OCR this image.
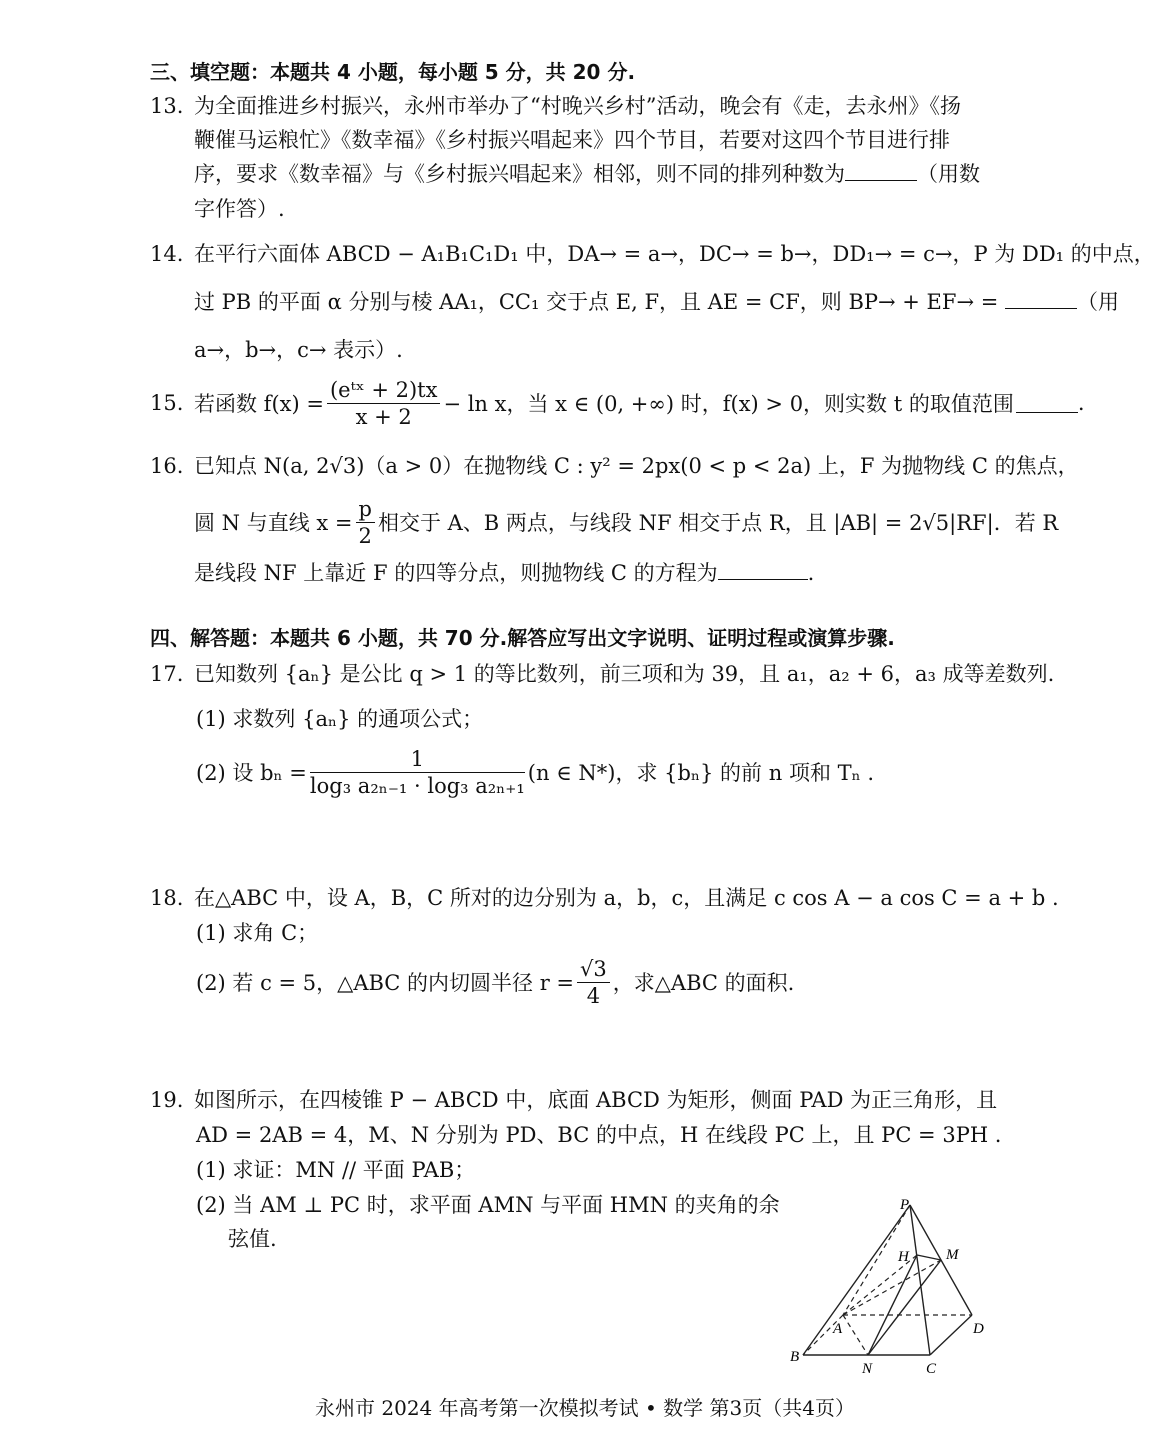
三、填空题：本题共 4 小题，每小题 5 分，共 20 分.
13. 为全面推进乡村振兴，永州市举办了“村晚兴乡村”活动，晚会有《走，去永州》《扬
鞭催马运粮忙》《数幸福》《乡村振兴唱起来》四个节目，若要对这四个节目进行排
序，要求《数幸福》与《乡村振兴唱起来》相邻，则不同的排列种数为	（用数
字作答）.
14. 在平行六面体 ABCD − A₁B₁C₁D₁ 中，DA→ = a→，DC→ = b→，DD₁→ = c→，P 为 DD₁ 的中点，
过 PB 的平面 α 分别与棱 AA₁，CC₁ 交于点 E, F，且 AE = CF，则 BP→ + EF→ =	（用
a→，b→，c→ 表示）.
15. 若函数 $f(x) = \frac{\text{(eᵗˣ + 2)tx}}{x + 2} - \ln x$，当 x ∈ (0, +∞) 时，f(x) > 0，则实数 t 的取值范围	.
16. 已知点 N(a, 2√3)（a > 0）在抛物线 C : y² = 2px(0 < p < 2a) 上，F 为抛物线 C 的焦点，
圆 N 与直线 $x = \frac{p}{2}$ 相交于 A、B 两点，与线段 NF 相交于点 R，且 |AB| = 2√5|RF|．若 R
是线段 NF 上靠近 F 的四等分点，则抛物线 C 的方程为	.
四、解答题：本题共 6 小题，共 70 分.解答应写出文字说明、证明过程或演算步骤.
17. 已知数列 {aₙ} 是公比 q > 1 的等比数列，前三项和为 39，且 a₁，a₂ + 6，a₃ 成等差数列.
(1) 求数列 {aₙ} 的通项公式；
(2) 设 $b_n = \frac{1}{\text{log₃ a₂ₙ₋₁ · log₃ a₂ₙ₊₁}} (n$ ∈ N*)，求 {bₙ} 的前 n 项和 Tₙ .
18. 在△ABC 中，设 A，B，C 所对的边分别为 a，b，c，且满足 c cos A − a cos C = a + b .
(1) 求角 C；
(2) 若 c = 5，△ABC 的内切圆半径 $r = \frac{√3}{4}$ ，求△ABC 的面积.
19. 如图所示，在四棱锥 P − ABCD 中，底面 ABCD 为矩形，侧面 PAD 为正三角形，且
AD = 2AB = 4，M、N 分别为 PD、BC 的中点，H 在线段 PC 上，且 PC = 3PH .
(1) 求证：MN // 平面 PAB；
(2) 当 AM ⊥ PC 时，求平面 AMN 与平面 HMN 的夹角的余
弦值.
P
H M
A	D
B
N	C
永州市 2024 年高考第一次模拟考试 • 数学 第3页（共4页）
